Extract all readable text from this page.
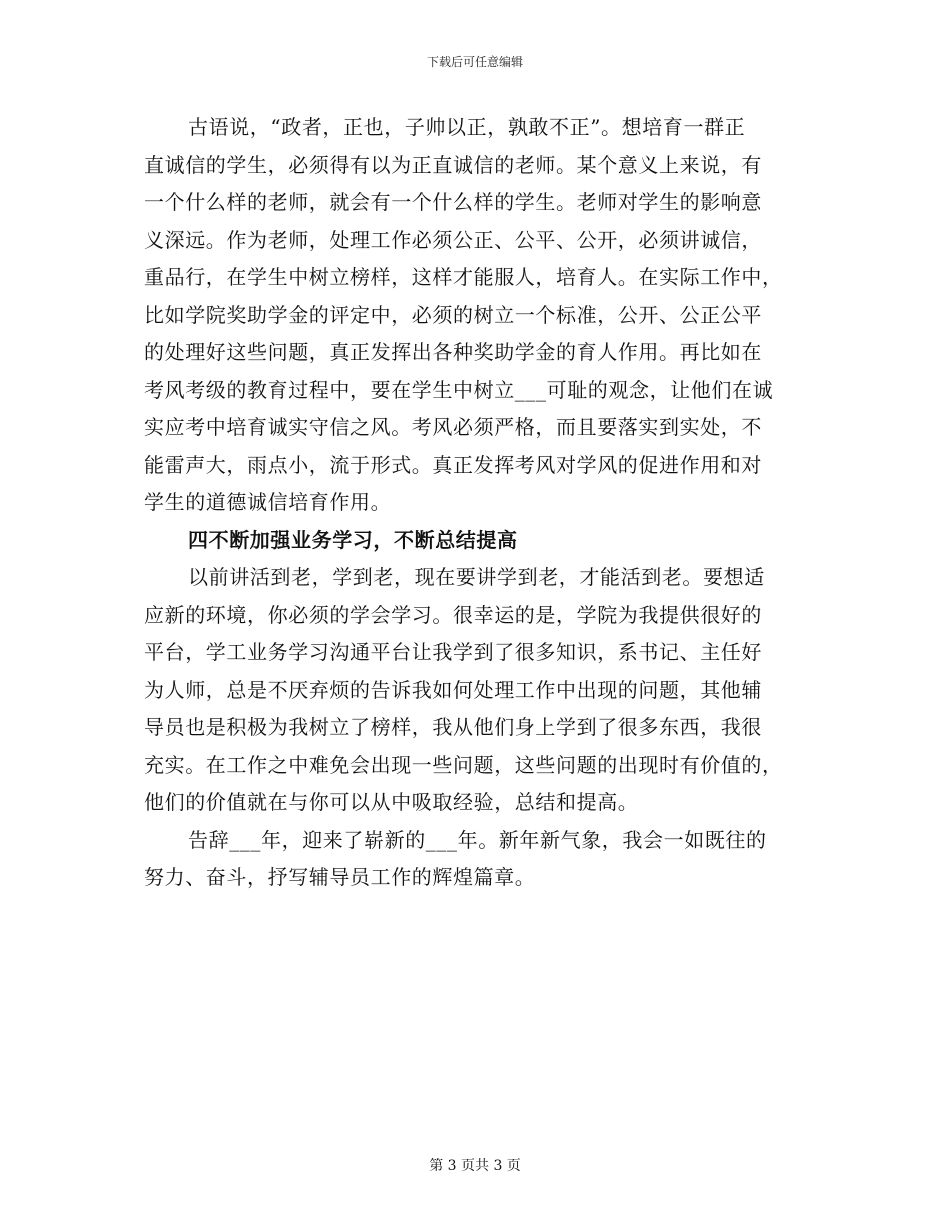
下载后可任意编辑
古语说，“政者，正也，子帅以正，孰敢不正”。想培育一群正
直诚信的学生，必须得有以为正直诚信的老师。某个意义上来说，有
一个什么样的老师，就会有一个什么样的学生。老师对学生的影响意
义深远。作为老师，处理工作必须公正、公平、公开，必须讲诚信，
重品行，在学生中树立榜样，这样才能服人，培育人。在实际工作中，
比如学院奖助学金的评定中，必须的树立一个标准，公开、公正公平
的处理好这些问题，真正发挥出各种奖助学金的育人作用。再比如在
考风考级的教育过程中，要在学生中树立___可耻的观念，让他们在诚
实应考中培育诚实守信之风。考风必须严格，而且要落实到实处，不
能雷声大，雨点小，流于形式。真正发挥考风对学风的促进作用和对
学生的道德诚信培育作用。
四不断加强业务学习，不断总结提高
以前讲活到老，学到老，现在要讲学到老，才能活到老。要想适
应新的环境，你必须的学会学习。很幸运的是，学院为我提供很好的
平台，学工业务学习沟通平台让我学到了很多知识，系书记、主任好
为人师，总是不厌弃烦的告诉我如何处理工作中出现的问题，其他辅
导员也是积极为我树立了榜样，我从他们身上学到了很多东西，我很
充实。在工作之中难免会出现一些问题，这些问题的出现时有价值的，
他们的价值就在与你可以从中吸取经验，总结和提高。
告辞___年，迎来了崭新的___年。新年新气象，我会一如既往的
努力、奋斗，抒写辅导员工作的辉煌篇章。
第 3 页共 3 页
